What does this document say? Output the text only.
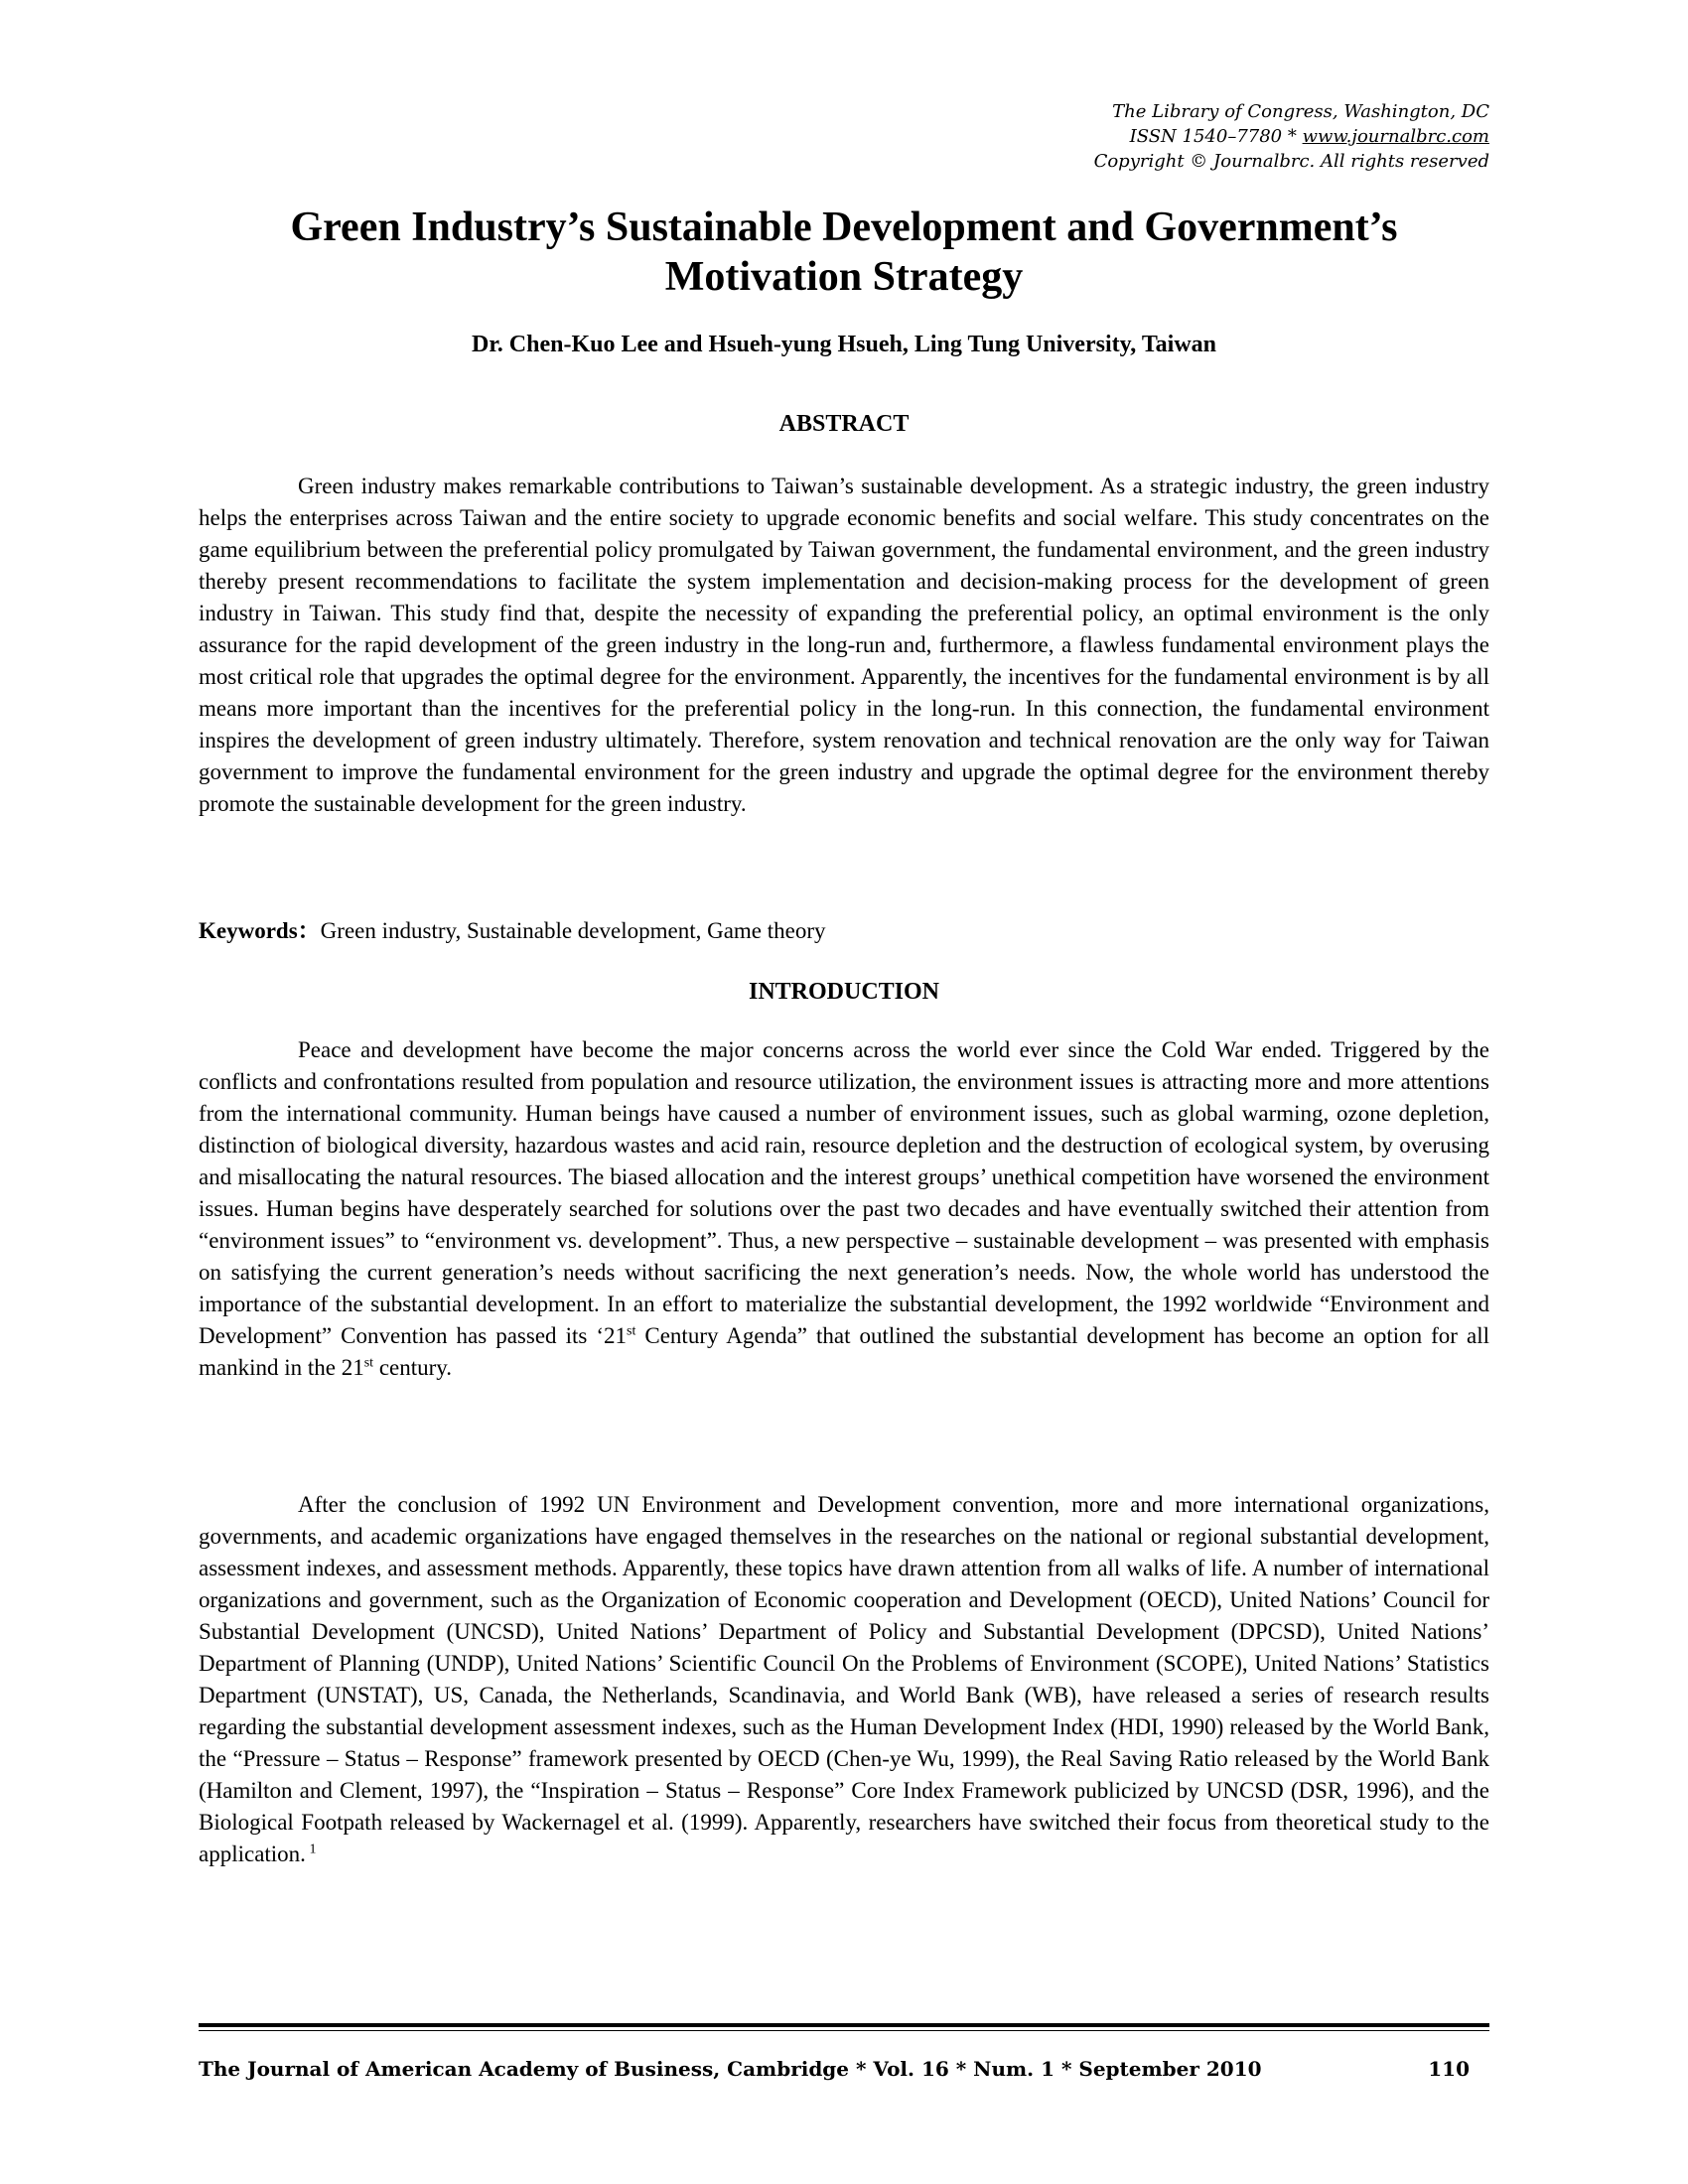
The Library of Congress, Washington, DC
ISSN 1540–7780 * www.journalbrc.com
Copyright © Journalbrc. All rights reserved
Green Industry’s Sustainable Development and Government’s Motivation Strategy
Dr. Chen-Kuo Lee and Hsueh-yung Hsueh, Ling Tung University, Taiwan
ABSTRACT

Green industry makes remarkable contributions to Taiwan’s sustainable development. As a strategic industry, the green industry helps the enterprises across Taiwan and the entire society to upgrade economic benefits and social welfare. This study concentrates on the game equilibrium between the preferential policy promulgated by Taiwan government, the fundamental environment, and the green industry thereby present recommendations to facilitate the system implementation and decision-making process for the development of green industry in Taiwan. This study find that, despite the necessity of expanding the preferential policy, an optimal environment is the only assurance for the rapid development of the green industry in the long-run and, furthermore, a flawless fundamental environment plays the most critical role that upgrades the optimal degree for the environment. Apparently, the incentives for the fundamental environment is by all means more important than the incentives for the preferential policy in the long-run. In this connection, the fundamental environment inspires the development of green industry ultimately. Therefore, system renovation and technical renovation are the only way for Taiwan government to improve the fundamental environment for the green industry and upgrade the optimal degree for the environment thereby promote the sustainable development for the green industry.

Keywords：Green industry, Sustainable development, Game theory

INTRODUCTION

Peace and development have become the major concerns across the world ever since the Cold War ended. Triggered by the conflicts and confrontations resulted from population and resource utilization, the environment issues is attracting more and more attentions from the international community. Human beings have caused a number of environment issues, such as global warming, ozone depletion, distinction of biological diversity, hazardous wastes and acid rain, resource depletion and the destruction of ecological system, by overusing and misallocating the natural resources. The biased allocation and the interest groups’ unethical competition have worsened the environment issues. Human begins have desperately searched for solutions over the past two decades and have eventually switched their attention from “environment issues” to “environment vs. development”. Thus, a new perspective – sustainable development – was presented with emphasis on satisfying the current generation’s needs without sacrificing the next generation’s needs. Now, the whole world has understood the importance of the substantial development. In an effort to materialize the substantial development, the 1992 worldwide “Environment and Development” Convention has passed its ‘21st Century Agenda” that outlined the substantial development has become an option for all mankind in the 21st century.

After the conclusion of 1992 UN Environment and Development convention, more and more international organizations, governments, and academic organizations have engaged themselves in the researches on the national or regional substantial development, assessment indexes, and assessment methods. Apparently, these topics have drawn attention from all walks of life. A number of international organizations and government, such as the Organization of Economic cooperation and Development (OECD), United Nations’ Council for Substantial Development (UNCSD), United Nations’ Department of Policy and Substantial Development (DPCSD), United Nations’ Department of Planning (UNDP), United Nations’ Scientific Council On the Problems of Environment (SCOPE), United Nations’ Statistics Department (UNSTAT), US, Canada, the Netherlands, Scandinavia, and World Bank (WB), have released a series of research results regarding the substantial development assessment indexes, such as the Human Development Index (HDI, 1990) released by the World Bank, the “Pressure – Status – Response” framework presented by OECD (Chen-ye Wu, 1999), the Real Saving Ratio released by the World Bank (Hamilton and Clement, 1997), the “Inspiration – Status – Response” Core Index Framework publicized by UNCSD (DSR, 1996), and the Biological Footpath released by Wackernagel et al. (1999). Apparently, researchers have switched their focus from theoretical study to the application. $^1$

The Journal of American Academy of Business, Cambridge * Vol. 16 * Num. 1 * September 2010	110
